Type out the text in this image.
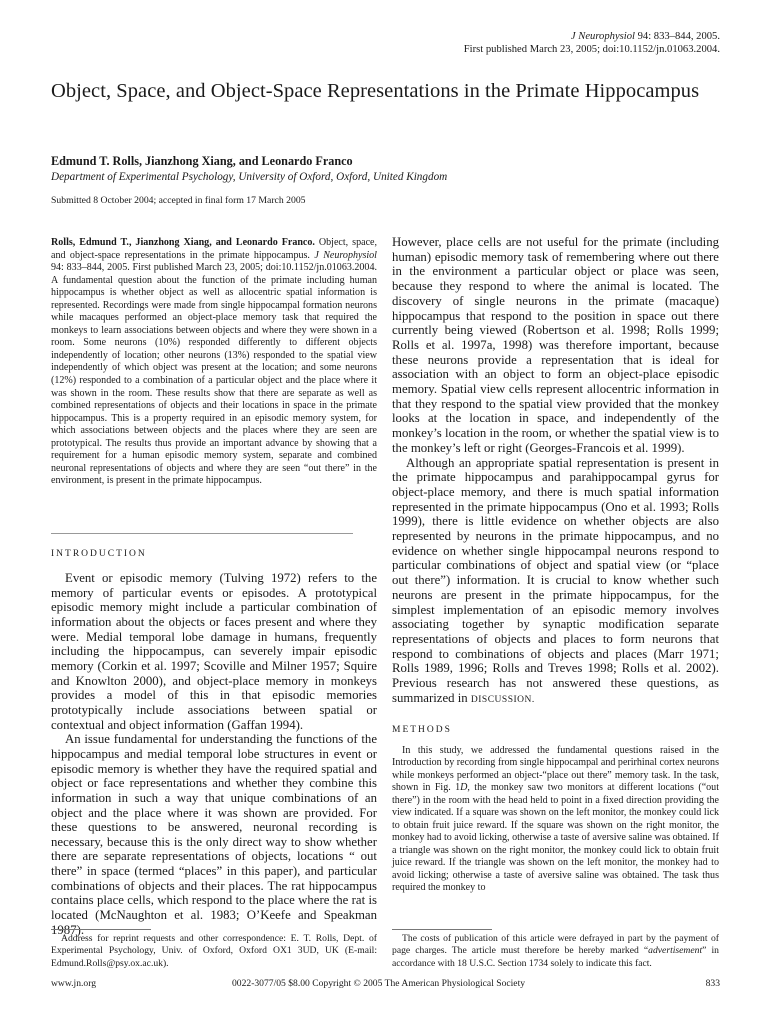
J Neurophysiol 94: 833–844, 2005.
First published March 23, 2005; doi:10.1152/jn.01063.2004.
Object, Space, and Object-Space Representations in the Primate Hippocampus
Edmund T. Rolls, Jianzhong Xiang, and Leonardo Franco
Department of Experimental Psychology, University of Oxford, Oxford, United Kingdom
Submitted 8 October 2004; accepted in final form 17 March 2005

Rolls, Edmund T., Jianzhong Xiang, and Leonardo Franco. Object, space, and object-space representations in the primate hippocampus. J Neurophysiol 94: 833–844, 2005. First published March 23, 2005; doi:10.1152/jn.01063.2004. A fundamental question about the function of the primate including human hippocampus is whether object as well as allocentric spatial information is represented. Recordings were made from single hippocampal formation neurons while macaques performed an object-place memory task that required the monkeys to learn associations between objects and where they were shown in a room. Some neurons (10%) responded differently to different objects independently of location; other neurons (13%) responded to the spatial view independently of which object was present at the location; and some neurons (12%) responded to a combination of a particular object and the place where it was shown in the room. These results show that there are separate as well as combined representations of objects and their locations in space in the primate hippocampus. This is a property required in an episodic memory system, for which associations between objects and the places where they are seen are prototypical. The results thus provide an important advance by showing that a requirement for a human episodic memory system, separate and combined neuronal representations of objects and where they are seen “out there” in the environment, is present in the primate hippocampus.

INTRODUCTION

Event or episodic memory (Tulving 1972) refers to the memory of particular events or episodes. A prototypical episodic memory might include a particular combination of information about the objects or faces present and where they were. Medial temporal lobe damage in humans, frequently including the hippocampus, can severely impair episodic memory (Corkin et al. 1997; Scoville and Milner 1957; Squire and Knowlton 2000), and object-place memory in monkeys provides a model of this in that episodic memories prototypically include associations between spatial or contextual and object information (Gaffan 1994).

An issue fundamental for understanding the functions of the hippocampus and medial temporal lobe structures in event or episodic memory is whether they have the required spatial and object or face representations and whether they combine this information in such a way that unique combinations of an object and the place where it was shown are provided. For these questions to be answered, neuronal recording is necessary, because this is the only direct way to show whether there are separate representations of objects, locations “ out there” in space (termed “places” in this paper), and particular combinations of objects and their places. The rat hippocampus contains place cells, which respond to the place where the rat is located (McNaughton et al. 1983; O’Keefe and Speakman 1987).

However, place cells are not useful for the primate (including human) episodic memory task of remembering where out there in the environment a particular object or place was seen, because they respond to where the animal is located. The discovery of single neurons in the primate (macaque) hippocampus that respond to the position in space out there currently being viewed (Robertson et al. 1998; Rolls 1999; Rolls et al. 1997a, 1998) was therefore important, because these neurons provide a representation that is ideal for association with an object to form an object-place episodic memory. Spatial view cells represent allocentric information in that they respond to the spatial view provided that the monkey looks at the location in space, and independently of the monkey’s location in the room, or whether the spatial view is to the monkey’s left or right (Georges-Francois et al. 1999).

Although an appropriate spatial representation is present in the primate hippocampus and parahippocampal gyrus for object-place memory, and there is much spatial information represented in the primate hippocampus (Ono et al. 1993; Rolls 1999), there is little evidence on whether objects are also represented by neurons in the primate hippocampus, and no evidence on whether single hippocampal neurons respond to particular combinations of object and spatial view (or “place out there”) information. It is crucial to know whether such neurons are present in the primate hippocampus, for the simplest implementation of an episodic memory involves associating together by synaptic modification separate representations of objects and places to form neurons that respond to combinations of objects and places (Marr 1971; Rolls 1989, 1996; Rolls and Treves 1998; Rolls et al. 2002). Previous research has not answered these questions, as summarized in DISCUSSION.

METHODS

In this study, we addressed the fundamental questions raised in the Introduction by recording from single hippocampal and perirhinal cortex neurons while monkeys performed an object-“place out there” memory task. In the task, shown in Fig. 1D, the monkey saw two monitors at different locations (“out there”) in the room with the head held to point in a fixed direction providing the view indicated. If a square was shown on the left monitor, the monkey could lick to obtain fruit juice reward. If the square was shown on the right monitor, the monkey had to avoid licking, otherwise a taste of aversive saline was obtained. If a triangle was shown on the right monitor, the monkey could lick to obtain fruit juice reward. If the triangle was shown on the left monitor, the monkey had to avoid licking; otherwise a taste of aversive saline was obtained. The task thus required the monkey to

Address for reprint requests and other correspondence: E. T. Rolls, Dept. of Experimental Psychology, Univ. of Oxford, Oxford OX1 3UD, UK (E-mail: Edmund.Rolls@psy.ox.ac.uk).
The costs of publication of this article were defrayed in part by the payment of page charges. The article must therefore be hereby marked “advertisement” in accordance with 18 U.S.C. Section 1734 solely to indicate this fact.
www.jn.org	0022-3077/05 $8.00 Copyright © 2005 The American Physiological Society	833
